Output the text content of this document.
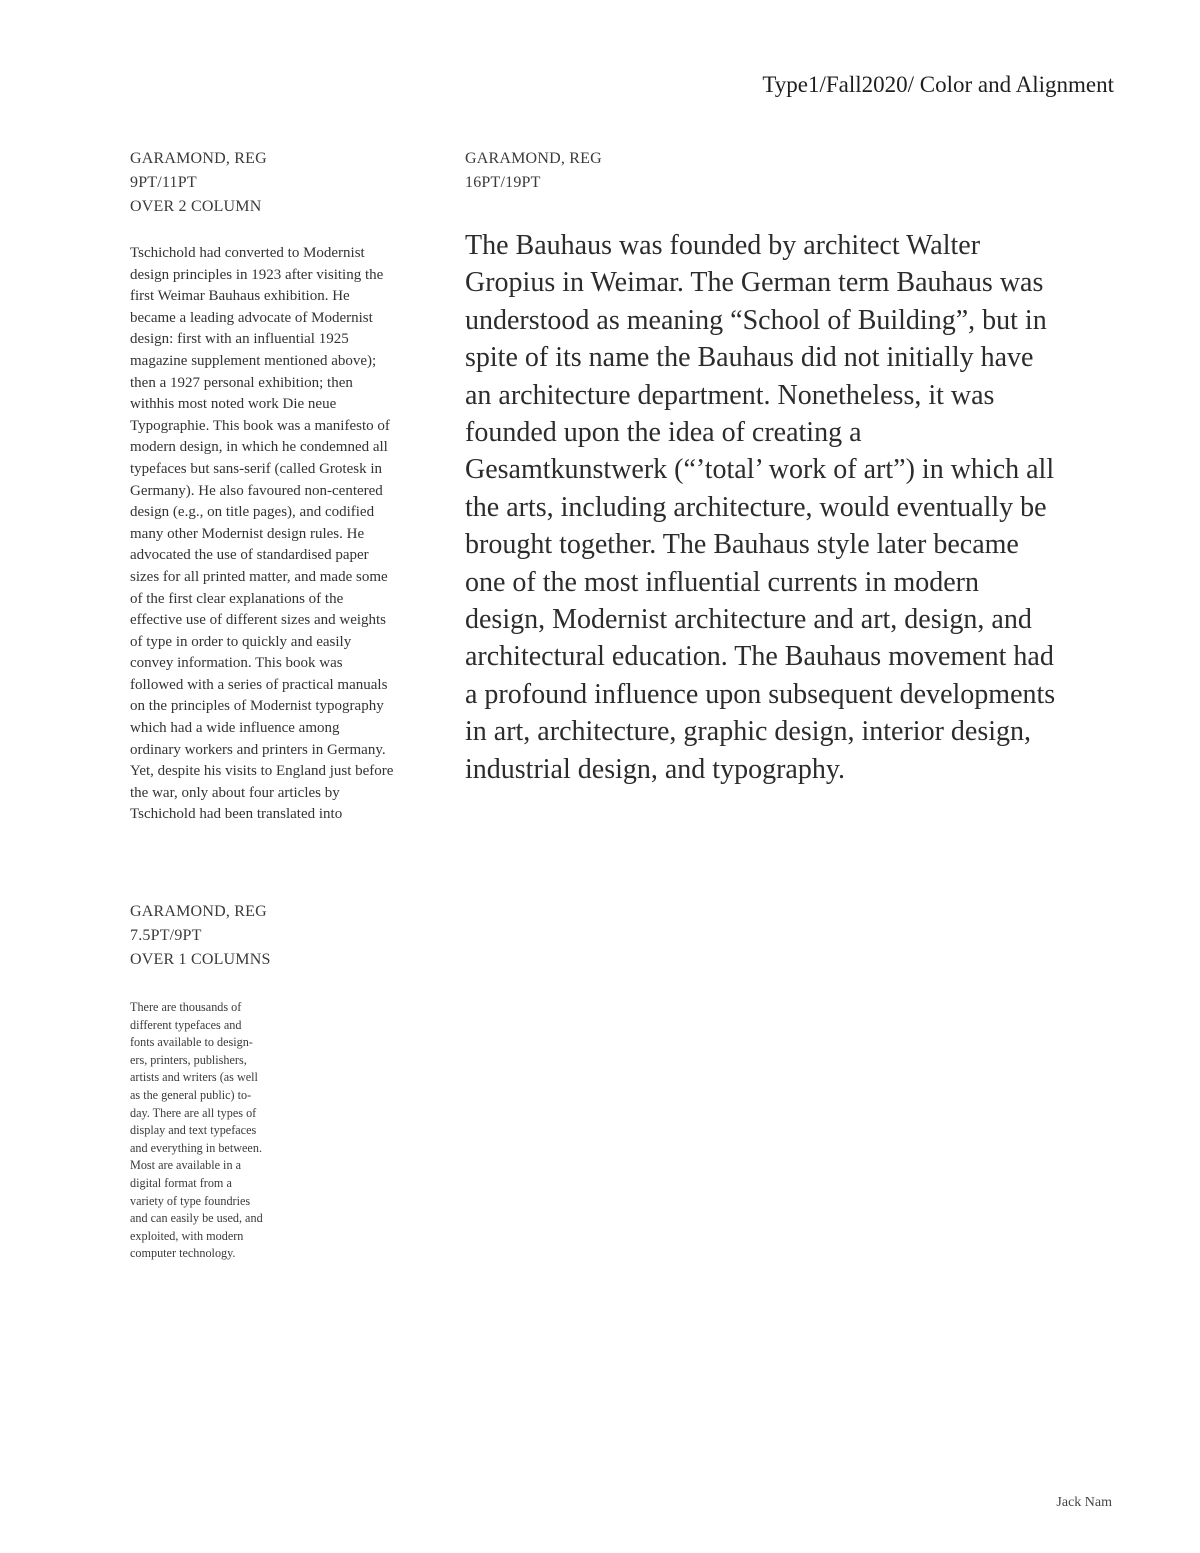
Type1/Fall2020/ Color and Alignment
GARAMOND, REG
9PT/11PT
OVER 2 COLUMN
Tschichold had converted to Modernist
design principles in 1923 after visiting the
first Weimar Bauhaus exhibition. He
became a leading advocate of Modernist
design: first with an influential 1925
magazine supplement mentioned above);
then a 1927 personal exhibition; then
withhis most noted work Die neue
Typographie. This book was a manifesto of
modern design, in which he condemned all
typefaces but sans-serif (called Grotesk in
Germany). He also favoured non-centered
design (e.g., on title pages), and codified
many other Modernist design rules. He
advocated the use of standardised paper
sizes for all printed matter, and made some
of the first clear explanations of the
effective use of different sizes and weights
of type in order to quickly and easily
convey information. This book was
followed with a series of practical manuals
on the principles of Modernist typography
which had a wide influence among
ordinary workers and printers in Germany.
Yet, despite his visits to England just before
the war, only about four articles by
Tschichold had been translated into
GARAMOND, REG
16PT/19PT
The Bauhaus was founded by architect Walter
Gropius in Weimar. The German term Bauhaus was
understood as meaning “School of Building”, but in
spite of its name the Bauhaus did not initially have
an architecture department. Nonetheless, it was
founded upon the idea of creating a
Gesamtkunstwerk (“’total’ work of art”) in which all
the arts, including architecture, would eventually be
brought together. The Bauhaus style later became
one of the most influential currents in modern
design, Modernist architecture and art, design, and
architectural education. The Bauhaus movement had
a profound influence upon subsequent developments
in art, architecture, graphic design, interior design,
industrial design, and typography.
GARAMOND, REG
7.5PT/9PT
OVER 1 COLUMNS
There are thousands of
different typefaces and
fonts available to design-
ers, printers, publishers,
artists and writers (as well
as the general public) to-
day. There are all types of
display and text typefaces
and everything in between.
Most are available in a
digital format from a
variety of type foundries
and can easily be used, and
exploited, with modern
computer technology.
Jack Nam
